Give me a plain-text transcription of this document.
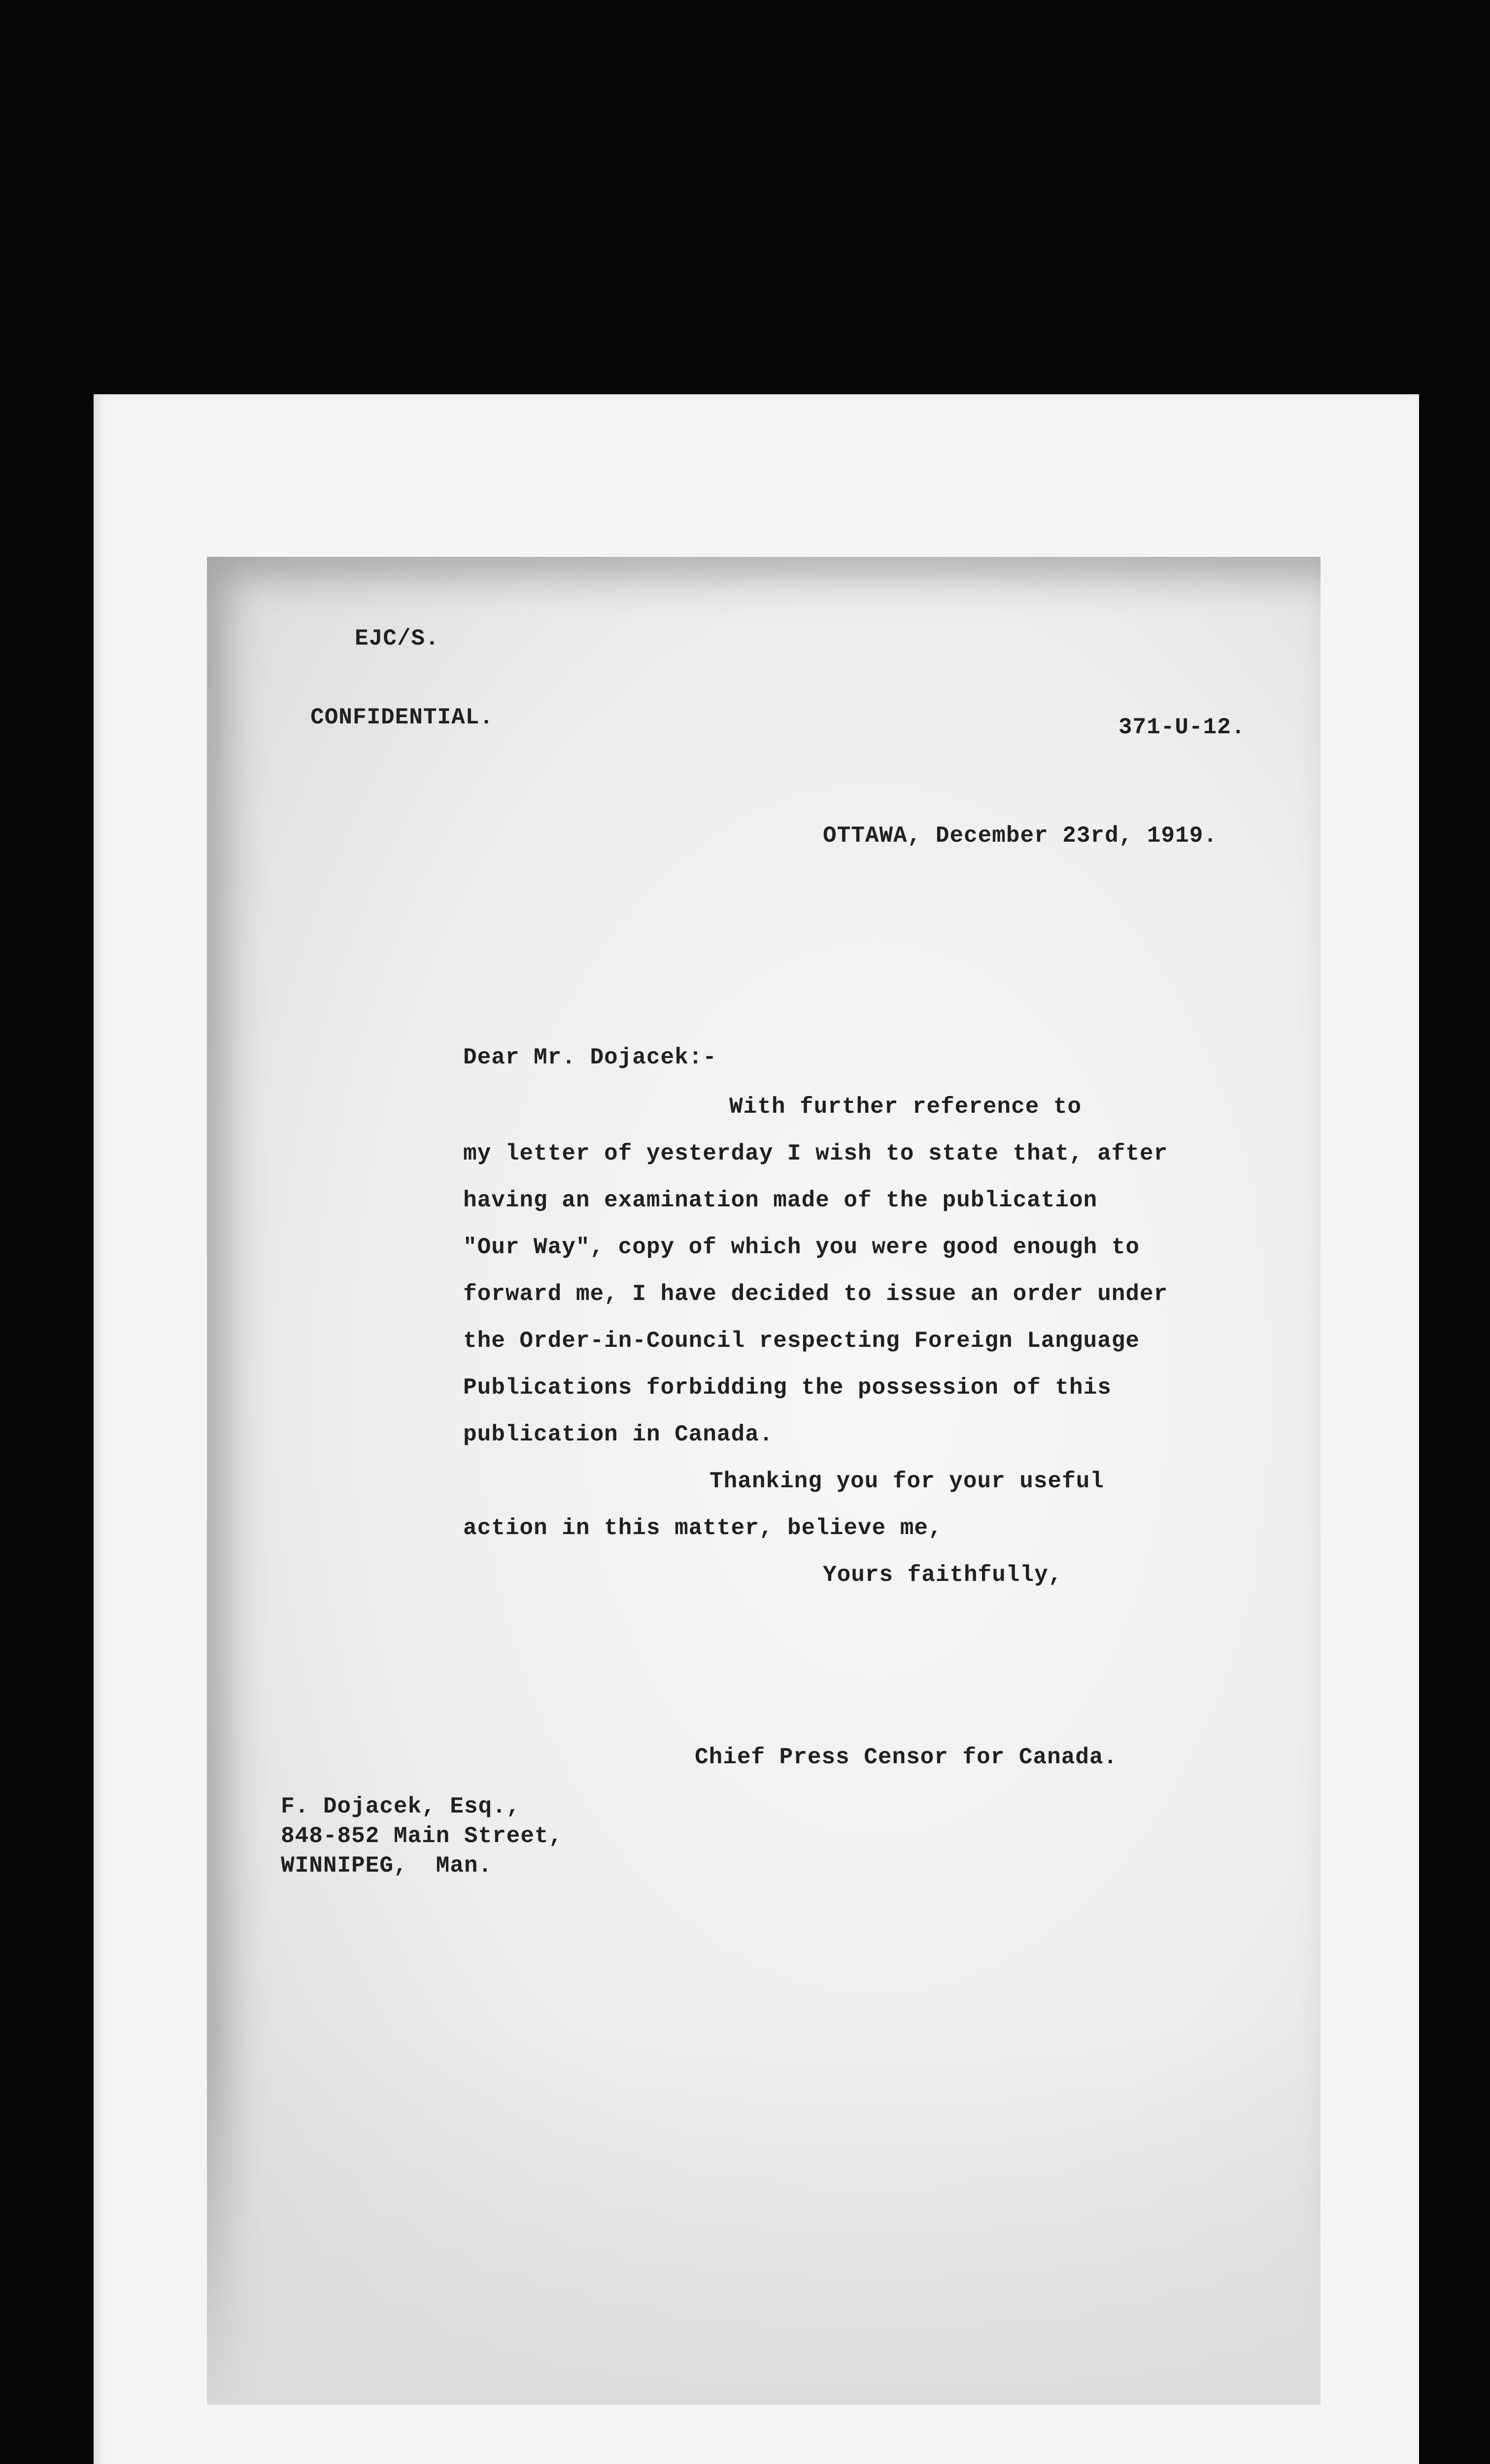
EJC/S.
CONFIDENTIAL.	371-U-12.
OTTAWA, December 23rd, 1919.
Dear Mr. Dojacek:-
With further reference to
my letter of yesterday I wish to state that, after
having an examination made of the publication
"Our Way", copy of which you were good enough to
forward me, I have decided to issue an order under
the Order-in-Council respecting Foreign Language
Publications forbidding the possession of this
publication in Canada.
Thanking you for your useful
action in this matter, believe me,
Yours faithfully,
Chief Press Censor for Canada.
F. Dojacek, Esq.,
848-852 Main Street,
WINNIPEG,  Man.
